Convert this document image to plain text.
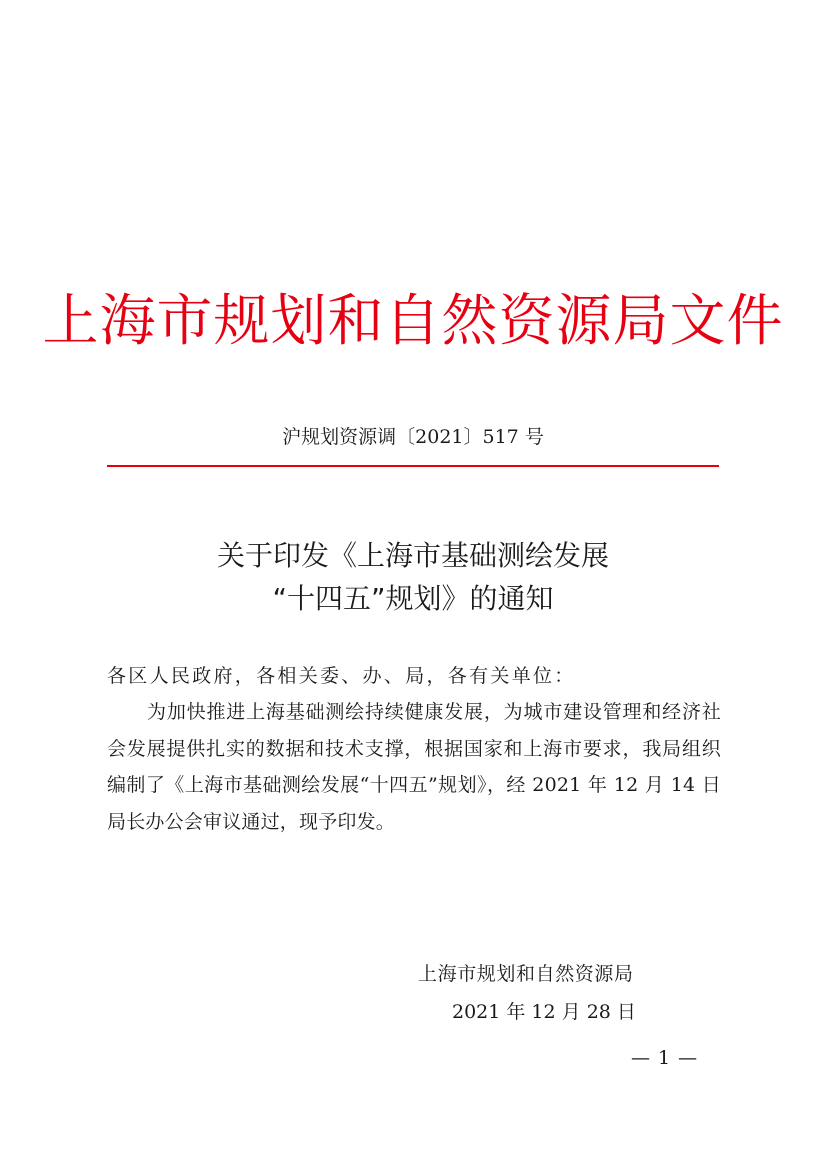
上海市规划和自然资源局文件
沪规划资源调〔2021〕517 号
关于印发《上海市基础测绘发展
“十四五”规划》的通知
各区人民政府，各相关委、办、局，各有关单位：
为加快推进上海基础测绘持续健康发展，为城市建设管理和经济社会发展提供扎实的数据和技术支撑，根据国家和上海市要求，我局组织编制了《上海市基础测绘发展“十四五”规划》，经 2021 年 12 月 14 日局长办公会审议通过，现予印发。
上海市规划和自然资源局
2021 年 12 月 28 日
— 1 —
